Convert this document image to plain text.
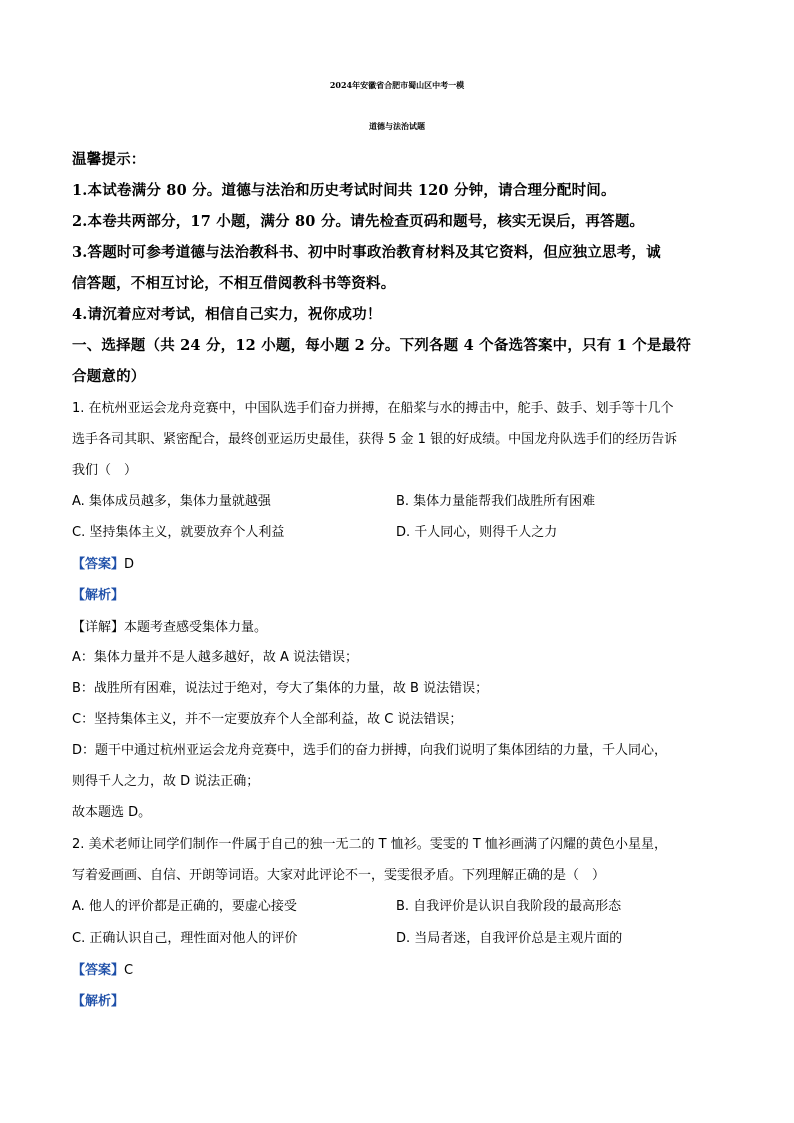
2024年安徽省合肥市蜀山区中考一模
道德与法治试题
温馨提示：
1.本试卷满分 80 分。道德与法治和历史考试时间共 120 分钟，请合理分配时间。
2.本卷共两部分，17 小题，满分 80 分。请先检查页码和题号，核实无误后，再答题。
3.答题时可参考道德与法治教科书、初中时事政治教育材料及其它资料，但应独立思考，诚
信答题，不相互讨论，不相互借阅教科书等资料。
4.请沉着应对考试，相信自己实力，祝你成功！
一、选择题（共 24 分，12 小题，每小题 2 分。下列各题 4 个备选答案中，只有 1 个是最符
合题意的）
1. 在杭州亚运会龙舟竞赛中，中国队选手们奋力拼搏，在船桨与水的搏击中，舵手、鼓手、划手等十几个
选手各司其职、紧密配合，最终创亚运历史最佳，获得 5 金 1 银的好成绩。中国龙舟队选手们的经历告诉
我们（　）
A. 集体成员越多，集体力量就越强	B. 集体力量能帮我们战胜所有困难
C. 坚持集体主义，就要放弃个人利益	D. 千人同心，则得千人之力
【答案】D
【解析】
【详解】本题考查感受集体力量。
A：集体力量并不是人越多越好，故 A 说法错误；
B：战胜所有困难，说法过于绝对，夸大了集体的力量，故 B 说法错误；
C：坚持集体主义，并不一定要放弃个人全部利益，故 C 说法错误；
D：题干中通过杭州亚运会龙舟竞赛中，选手们的奋力拼搏，向我们说明了集体团结的力量，千人同心，
则得千人之力，故 D 说法正确；
故本题选 D。
2. 美术老师让同学们制作一件属于自己的独一无二的 T 恤衫。雯雯的 T 恤衫画满了闪耀的黄色小星星，
写着爱画画、自信、开朗等词语。大家对此评论不一，雯雯很矛盾。下列理解正确的是（　）
A. 他人的评价都是正确的，要虚心接受	B. 自我评价是认识自我阶段的最高形态
C. 正确认识自己，理性面对他人的评价	D. 当局者迷，自我评价总是主观片面的
【答案】C
【解析】
